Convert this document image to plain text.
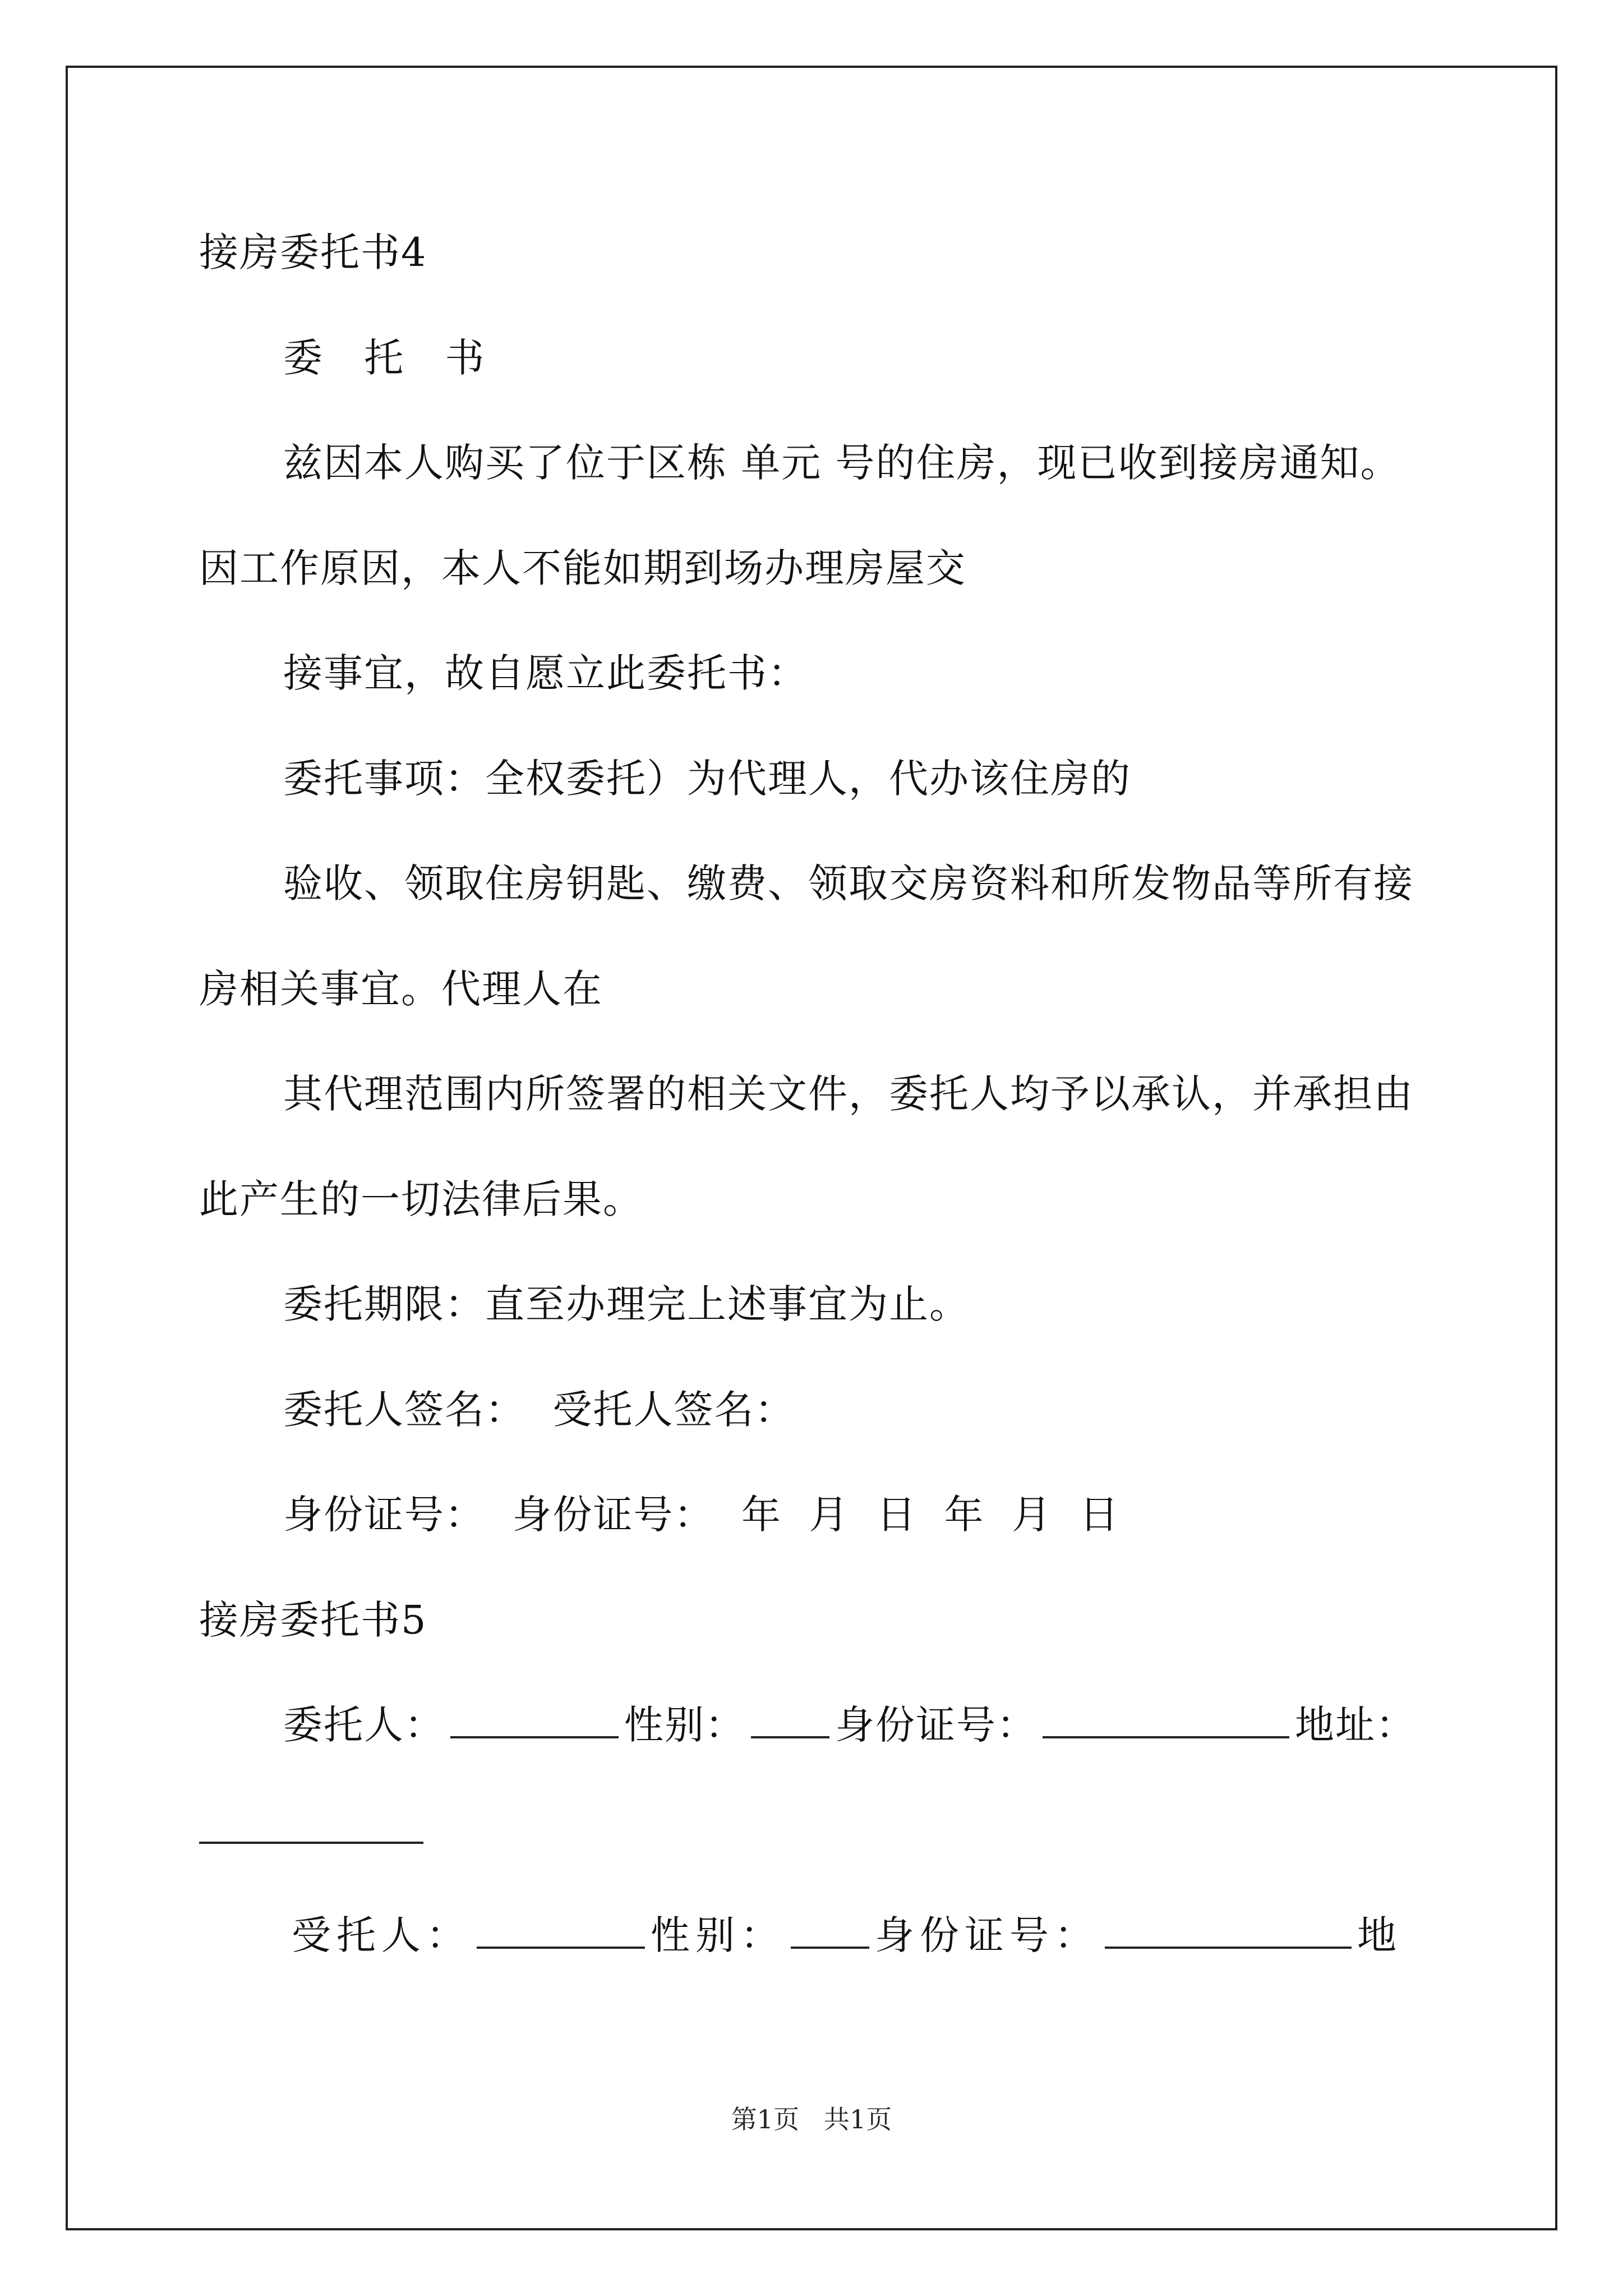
接房委托书4
委 托 书
兹因本人购买了位于区栋 单元 号的住房，现已收到接房通知。
因工作原因，本人不能如期到场办理房屋交
接事宜，故自愿立此委托书：
委托事项：全权委托）为代理人，代办该住房的
验收、领取住房钥匙、缴费、领取交房资料和所发物品等所有接
房相关事宜。代理人在
其代理范围内所签署的相关文件，委托人均予以承认，并承担由
此产生的一切法律后果。
委托期限：直至办理完上述事宜为止。
委托人签名：  受托人签名：
身份证号：  身份证号：  年  月  日  年  月  日
接房委托书5
委托人：	性别： 身份证号：	地址：
受托人：	性别： 身份证号：	地
第1页   共1页
